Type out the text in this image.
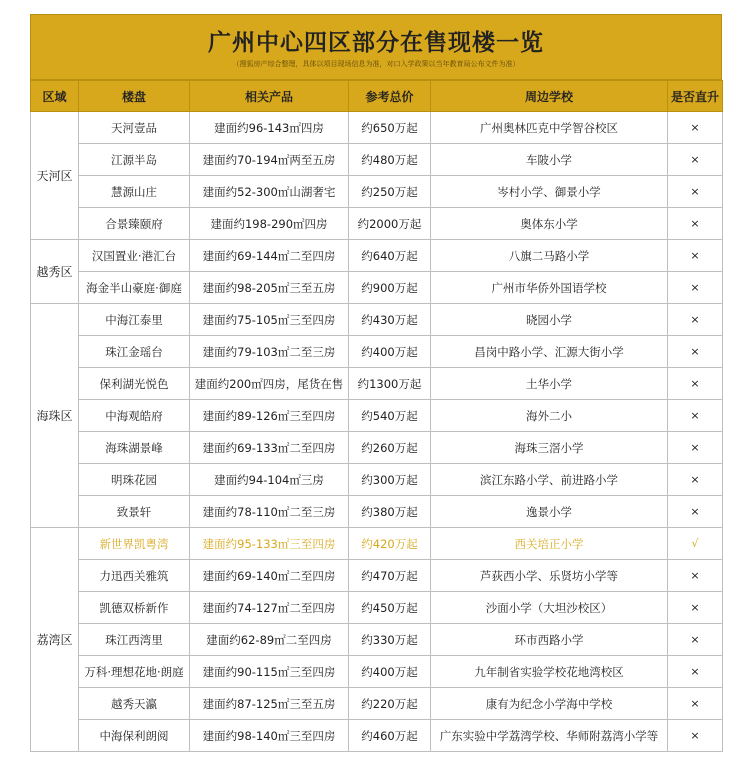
广州中心四区部分在售现楼一览
（搜狐房产综合整理，具体以项目现场信息为准，对口入学政策以当年教育局公布文件为准）
区域	楼盘	相关产品	参考总价	周边学校	是否直升
天河区	天河壹品	建面约96-143㎡四房	约650万起	广州奥林匹克中学智谷校区	×
	江源半岛	建面约70-194㎡两至五房	约480万起	车陂小学	×
	慧源山庄	建面约52-300㎡山湖奢宅	约250万起	岑村小学、御景小学	×
	合景臻颐府	建面约198-290㎡四房	约2000万起	奥体东小学	×
越秀区	汉国置业·港汇台	建面约69-144㎡二至四房	约640万起	八旗二马路小学	×
	海金半山豪庭·御庭	建面约98-205㎡三至五房	约900万起	广州市华侨外国语学校	×
海珠区	中海江泰里	建面约75-105㎡三至四房	约430万起	晓园小学	×
	珠江金瑶台	建面约79-103㎡二至三房	约400万起	昌岗中路小学、汇源大街小学	×
	保利湖光悦色	建面约200㎡四房，尾货在售	约1300万起	土华小学	×
	中海观皓府	建面约89-126㎡三至四房	约540万起	海外二小	×
	海珠湖景峰	建面约69-133㎡二至四房	约260万起	海珠三滘小学	×
	明珠花园	建面约94-104㎡三房	约300万起	滨江东路小学、前进路小学	×
	致景轩	建面约78-110㎡二至三房	约380万起	逸景小学	×
荔湾区	新世界凯粤湾	建面约95-133㎡三至四房	约420万起	西关培正小学	√
	力迅西关雅筑	建面约69-140㎡二至四房	约470万起	芦荻西小学、乐贤坊小学等	×
	凯德双桥新作	建面约74-127㎡二至四房	约450万起	沙面小学（大坦沙校区）	×
	珠江西湾里	建面约62-89㎡二至四房	约330万起	环市西路小学	×
	万科·理想花地·朗庭	建面约90-115㎡三至四房	约400万起	九年制省实验学校花地湾校区	×
	越秀天瀛	建面约87-125㎡三至五房	约220万起	康有为纪念小学海中学校	×
	中海保利朗阅	建面约98-140㎡三至四房	约460万起	广东实验中学荔湾学校、华师附荔湾小学等	×
